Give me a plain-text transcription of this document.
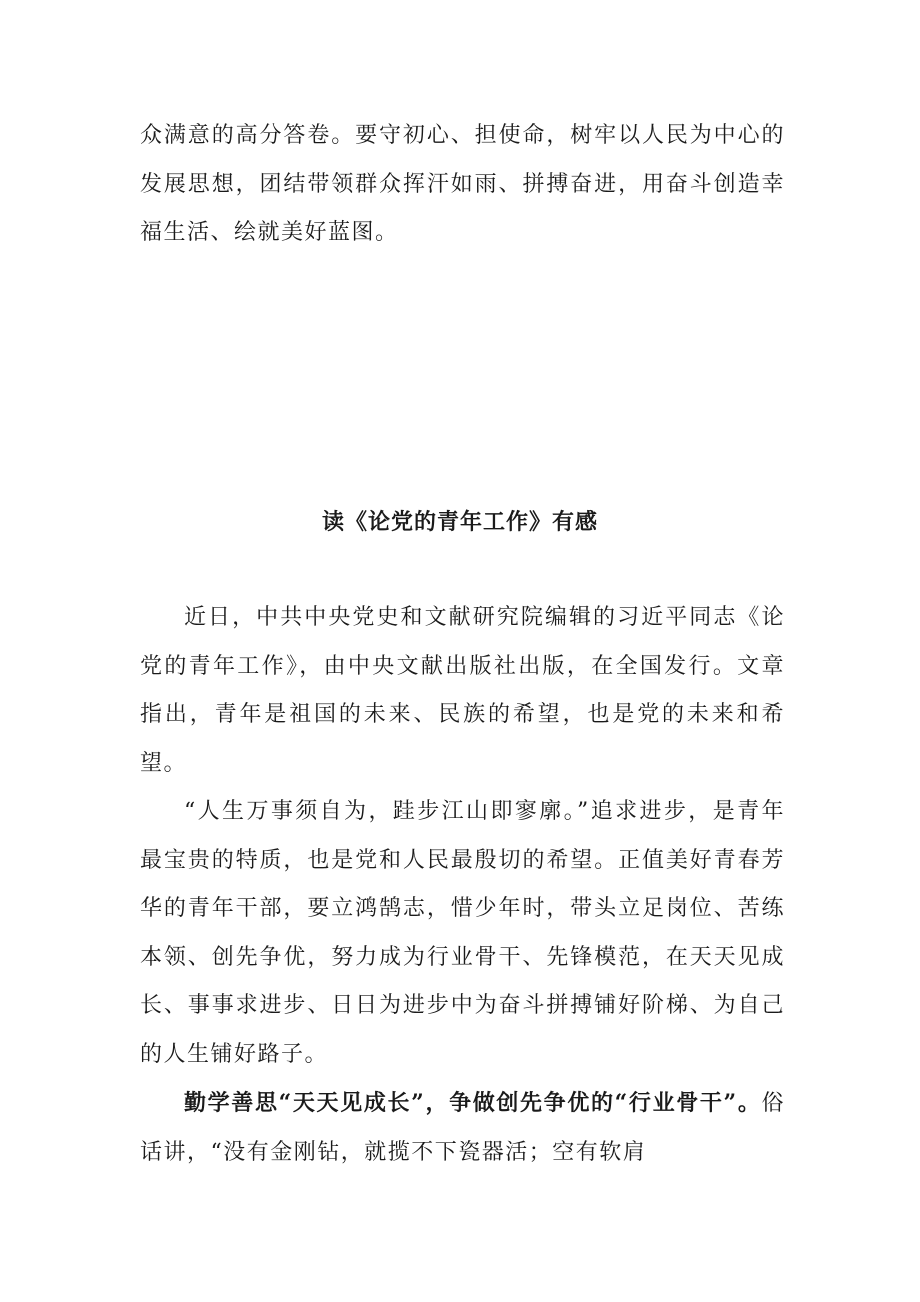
众满意的高分答卷。要守初心、担使命，树牢以人民为中心的发展思想，团结带领群众挥汗如雨、拼搏奋进，用奋斗创造幸福生活、绘就美好蓝图。

读《论党的青年工作》有感

近日，中共中央党史和文献研究院编辑的习近平同志《论党的青年工作》，由中央文献出版社出版，在全国发行。文章指出，青年是祖国的未来、民族的希望，也是党的未来和希望。

“人生万事须自为，跬步江山即寥廓。”追求进步，是青年最宝贵的特质，也是党和人民最殷切的希望。正值美好青春芳华的青年干部，要立鸿鹄志，惜少年时，带头立足岗位、苦练本领、创先争优，努力成为行业骨干、先锋模范，在天天见成长、事事求进步、日日为进步中为奋斗拼搏铺好阶梯、为自己的人生铺好路子。

勤学善思“天天见成长”，争做创先争优的“行业骨干”。俗话讲，“没有金刚钻，就揽不下瓷器活；空有软肩
